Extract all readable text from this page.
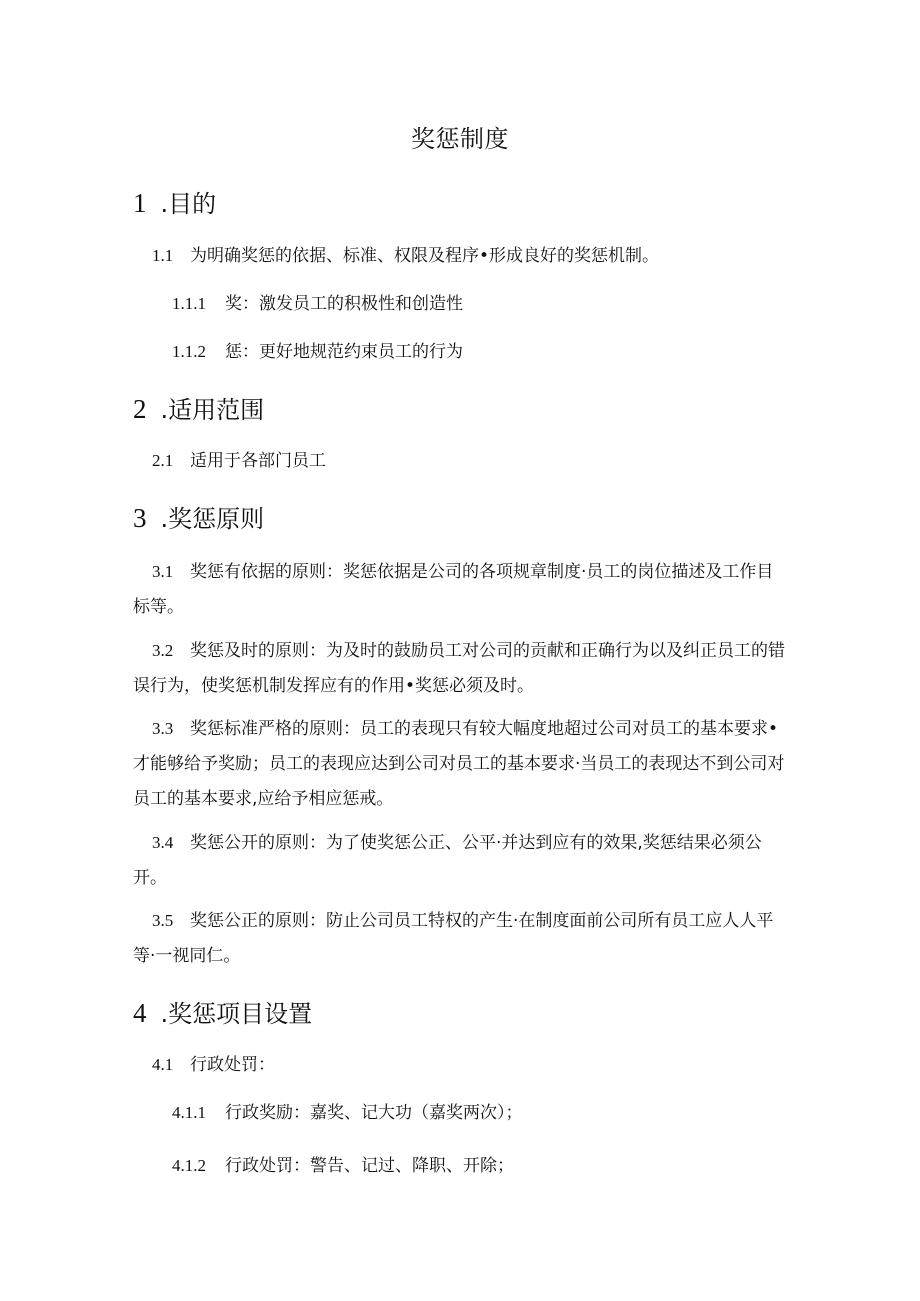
奖惩制度
1 .目的
1.1 为明确奖惩的依据、标准、权限及程序•形成良好的奖惩机制。
1.1.1 奖：激发员工的积极性和创造性
1.1.2 惩：更好地规范约束员工的行为
2 .适用范围
2.1 适用于各部门员工
3 .奖惩原则
3.1 奖惩有依据的原则：奖惩依据是公司的各项规章制度·员工的岗位描述及工作目
标等。
3.2 奖惩及时的原则：为及时的鼓励员工对公司的贡献和正确行为以及纠正员工的错
误行为，使奖惩机制发挥应有的作用•奖惩必须及时。
3.3 奖惩标准严格的原则：员工的表现只有较大幅度地超过公司对员工的基本要求•
才能够给予奖励；员工的表现应达到公司对员工的基本要求·当员工的表现达不到公司对
员工的基本要求,应给予相应惩戒。
3.4 奖惩公开的原则：为了使奖惩公正、公平·并达到应有的效果,奖惩结果必须公
开。
3.5 奖惩公正的原则：防止公司员工特权的产生·在制度面前公司所有员工应人人平
等·一视同仁。
4 .奖惩项目设置
4.1 行政处罚：
4.1.1 行政奖励：嘉奖、记大功（嘉奖两次）；
4.1.2 行政处罚：警告、记过、降职、开除；
